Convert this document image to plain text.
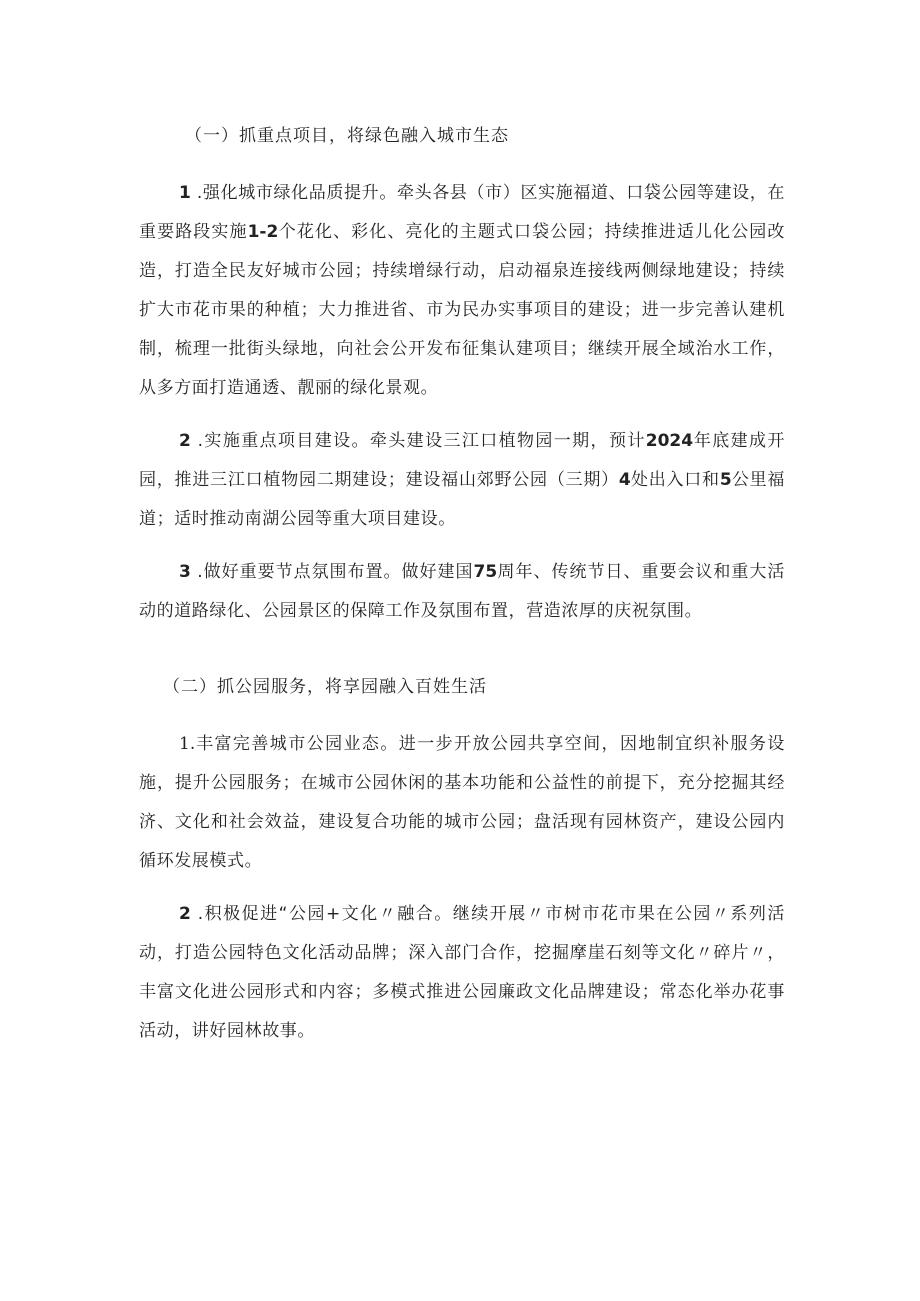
（一）抓重点项目，将绿色融入城市生态

1 .强化城市绿化品质提升。牵头各县（市）区实施福道、口袋公园等建设，在重要路段实施1-2个花化、彩化、亮化的主题式口袋公园；持续推进适儿化公园改造，打造全民友好城市公园；持续增绿行动，启动福泉连接线两侧绿地建设；持续扩大市花市果的种植；大力推进省、市为民办实事项目的建设；进一步完善认建机制，梳理一批街头绿地，向社会公开发布征集认建项目；继续开展全域治水工作，从多方面打造通透、靓丽的绿化景观。

2 .实施重点项目建设。牵头建设三江口植物园一期，预计2024年底建成开园，推进三江口植物园二期建设；建设福山郊野公园（三期）4处出入口和5公里福道；适时推动南湖公园等重大项目建设。

3 .做好重要节点氛围布置。做好建国75周年、传统节日、重要会议和重大活动的道路绿化、公园景区的保障工作及氛围布置，营造浓厚的庆祝氛围。

（二）抓公园服务，将享园融入百姓生活

1.丰富完善城市公园业态。进一步开放公园共享空间，因地制宜织补服务设施，提升公园服务；在城市公园休闲的基本功能和公益性的前提下，充分挖掘其经济、文化和社会效益，建设复合功能的城市公园；盘活现有园林资产，建设公园内循环发展模式。

2 .积极促进“公园+文化〃融合。继续开展〃市树市花市果在公园〃系列活动，打造公园特色文化活动品牌；深入部门合作，挖掘摩崖石刻等文化〃碎片〃，丰富文化进公园形式和内容；多模式推进公园廉政文化品牌建设；常态化举办花事活动，讲好园林故事。
